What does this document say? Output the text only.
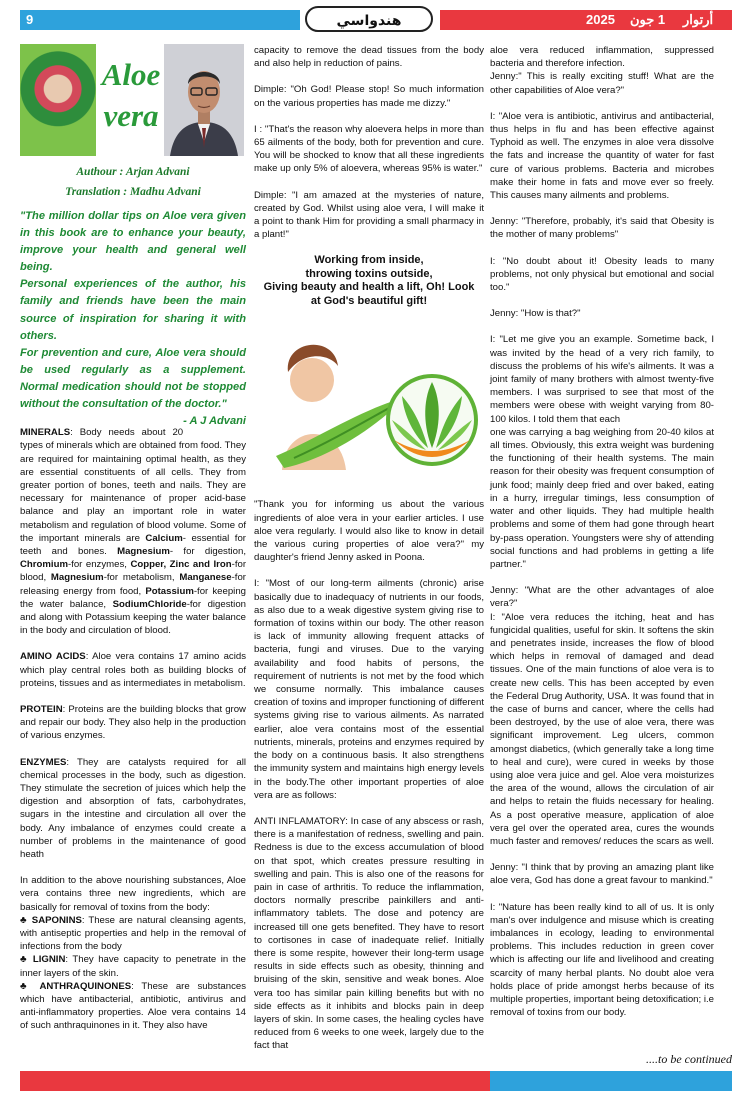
9	هندواسي	2025 1 جون أرتوار
Aloe
vera
Authour : Arjan Advani
Translation : Madhu Advani

"The million dollar tips on Aloe vera given in this book are to enhance your beauty, improve your health and general well being.

Personal experiences of the author, his family and friends have been the main source of inspiration for sharing it with others.

For prevention and cure, Aloe vera should be used regularly as a supplement. Normal medication should not be stopped without the consultation of the doctor."
- A J Advani

MINERALS: Body needs about 20 types of minerals which are obtained from food. They are required for maintaining optimal health, as they are essential constituents of all cells. They from greater portion of bones, teeth and nails. They are necessary for maintenance of proper acid-base balance and play an important role in water metabolism and regulation of blood volume. Some of the important minerals are Calcium- essential for teeth and bones. Magnesium- for digestion, Chromium-for enzymes, Copper, Zinc and Iron-for blood, Magnesium-for metabolism, Manganese-for releasing energy from food, Potassium-for keeping the water balance, SodiumChloride-for digestion and along with Potassium keeping the water balance in the body and circulation of blood.

AMINO ACIDS: Aloe vera contains 17 amino acids which play central roles both as building blocks of proteins, tissues and as intermediates in metabolism.

PROTEIN: Proteins are the building blocks that grow and repair our body. They also help in the production of various enzymes.

ENZYMES: They are catalysts required for all chemical processes in the body, such as digestion. They stimulate the secretion of juices which help the digestion and absorption of fats, carbohydrates, sugars in the intestine and circulation all over the body. Any imbalance of enzymes could create a number of problems in the maintenance of good heath

In addition to the above nourishing substances, Aloe vera contains three new ingredients, which are basically for removal of toxins from the body:

♣ SAPONINS: These are natural cleansing agents, with antiseptic properties and help in the removal of infections from the body

♣ LIGNIN: They have capacity to penetrate in the inner layers of the skin.

♣ ANTHRAQUINONES: These are substances which have antibacterial, antibiotic, antivirus and anti-inflammatory properties. Aloe vera contains 14 of such anthraquinones in it. They also have

capacity to remove the dead tissues from the body and also help in reduction of pains.

Dimple: "Oh God! Please stop! So much information on the various properties has made me dizzy."

I : "That's the reason why aloevera helps in more than 65 ailments of the body, both for prevention and cure. You will be shocked to know that all these ingredients make up only 5% of aloevera, whereas 95% is water."

Dimple: "I am amazed at the mysteries of nature, created by God. Whilst using aloe vera, I will make it a point to thank Him for providing a small pharmacy in a plant!"

Working from inside,
throwing toxins outside,
Giving beauty and health a lift, Oh! Look
at God's beautiful gift!

"Thank you for informing us about the various ingredients of aloe vera in your earlier articles. I use aloe vera regularly. I would also like to know in detail the various curing properties of aloe vera?" my daughter's friend Jenny asked in Poona.

I: "Most of our long-term ailments (chronic) arise basically due to inadequacy of nutrients in our foods, as also due to a weak digestive system giving rise to formation of toxins within our body. The other reason is lack of immunity allowing frequent attacks of bacteria, fungi and viruses. Due to the varying availability and food habits of persons, the requirement of nutrients is not met by the food which we consume normally. This imbalance causes creation of toxins and improper functioning of different systems giving rise to various ailments. As narrated earlier, aloe vera contains most of the essential nutrients, minerals, proteins and enzymes required by the body on a continuous basis. It also strengthens the immunity system and maintains high energy levels in the body.The other important properties of aloe vera are as follows:

ANTI INFLAMATORY: In case of any abscess or rash, there is a manifestation of redness, swelling and pain. Redness is due to the excess accumulation of blood on that spot, which creates pressure resulting in swelling and pain. This is also one of the reasons for pain in case of arthritis. To reduce the inflammation, doctors normally prescribe painkillers and anti-inflammatory tablets. The dose and potency are increased till one gets benefited. They have to resort to cortisones in case of inadequate relief. Initially there is some respite, however their long-term usage results in side effects such as obesity, thinning and bruising of the skin, sensitive and weak bones. Aloe vera too has similar pain killing benefits but with no side effects as it inhibits and blocks pain in deep layers of skin. In some cases, the healing cycles have reduced from 6 weeks to one week, largely due to the fact that

aloe vera reduced inflammation, suppressed bacteria and therefore infection.

Jenny:" This is really exciting stuff! What are the other capabilities of Aloe vera?"

I: "Aloe vera is antibiotic, antivirus and antibacterial, thus helps in flu and has been effective against Typhoid as well. The enzymes in aloe vera dissolve the fats and increase the quantity of water for fast cure of various problems. Bacteria and microbes make their home in fats and move ever so freely. This causes many ailments and problems.

Jenny: "Therefore, probably, it's said that Obesity is the mother of many problems"

I: "No doubt about it! Obesity leads to many problems, not only physical but emotional and social too."

Jenny: "How is that?"

I: "Let me give you an example. Sometime back, I was invited by the head of a very rich family, to discuss the problems of his wife's ailments. It was a joint family of many brothers with almost twenty-five members. I was surprised to see that most of the members were obese with weight varying from 80-100 kilos. I told them that each

one was carrying a bag weighing from 20-40 kilos at all times. Obviously, this extra weight was burdening the functioning of their health systems. The main reason for their obesity was frequent consumption of junk food; mainly deep fried and over baked, eating in a hurry, irregular timings, less consumption of water and other liquids. They had multiple health problems and some of them had gone through heart by-pass operation. Youngsters were shy of attending social functions and had problems in getting a life partner."

Jenny: "What are the other advantages of aloe vera?"

I: "Aloe vera reduces the itching, heat and has fungicidal qualities, useful for skin. It softens the skin and penetrates inside, increases the flow of blood which helps in removal of damaged and dead tissues. One of the main functions of aloe vera is to create new cells. This has been accepted by even the Federal Drug Authority, USA. It was found that in the case of burns and cancer, where the cells had been destroyed, by the use of aloe vera, there was significant improvement. Leg ulcers, common amongst diabetics, (which generally take a long time to heal and cure), were cured in weeks by those using aloe vera juice and gel. Aloe vera moisturizes the area of the wound, allows the circulation of air and helps to retain the fluids necessary for healing. As a post operative measure, application of aloe vera gel over the operated area, cures the wounds much faster and removes/ reduces the scars as well.

Jenny: "I think that by proving an amazing plant like aloe vera, God has done a great favour to mankind."

I: "Nature has been really kind to all of us. It is only man's over indulgence and misuse which is creating imbalances in ecology, leading to environmental problems. This includes reduction in green cover which is affecting our life and livelihood and creating scarcity of many herbal plants. No doubt aloe vera holds place of pride amongst herbs because of its multiple properties, important being detoxification; i.e removal of toxins from our body.

....to be continued
